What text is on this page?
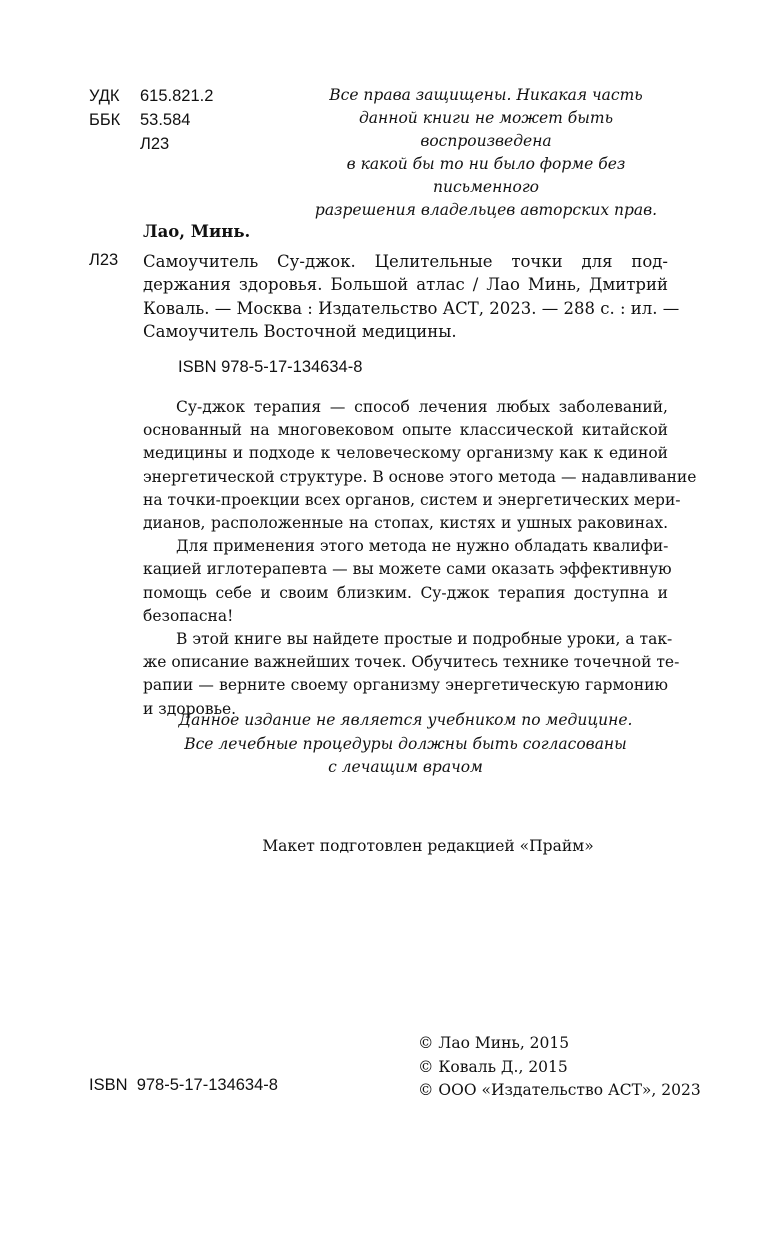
УДК	615.821.2
ББК	53.584
Л23
Все права защищены. Никакая часть
данной книги не может быть воспроизведена
в какой бы то ни было форме без письменного
разрешения владельцев авторских прав.
Лао, Минь.
Л23 Самоучитель Су-джок. Целительные точки для под-
держания здоровья. Большой атлас / Лао Минь, Дмитрий
Коваль. — Москва : Издательство АСТ, 2023. — 288 с. : ил. —
Самоучитель Восточной медицины.
ISBN 978-5-17-134634-8
Су-джок терапия — способ лечения любых заболеваний,
основанный на многовековом опыте классической китайской
медицины и подходе к человеческому организму как к единой
энергетической структуре. В основе этого метода — надавливание
на точки-проекции всех органов, систем и энергетических мери-
дианов, расположенные на стопах, кистях и ушных раковинах.
Для применения этого метода не нужно обладать квалифи-
кацией иглотерапевта — вы можете сами оказать эффективную
помощь себе и своим близким. Су-джок терапия доступна и
безопасна!
В этой книге вы найдете простые и подробные уроки, а так-
же описание важнейших точек. Обучитесь технике точечной те-
рапии — верните своему организму энергетическую гармонию
и здоровье.
Данное издание не является учебником по медицине.
Все лечебные процедуры должны быть согласованы
с лечащим врачом
Макет подготовлен редакцией «Прайм»
© Лао Минь, 2015
© Коваль Д., 2015
© ООО «Издательство АСТ», 2023
ISBN 978-5-17-134634-8
